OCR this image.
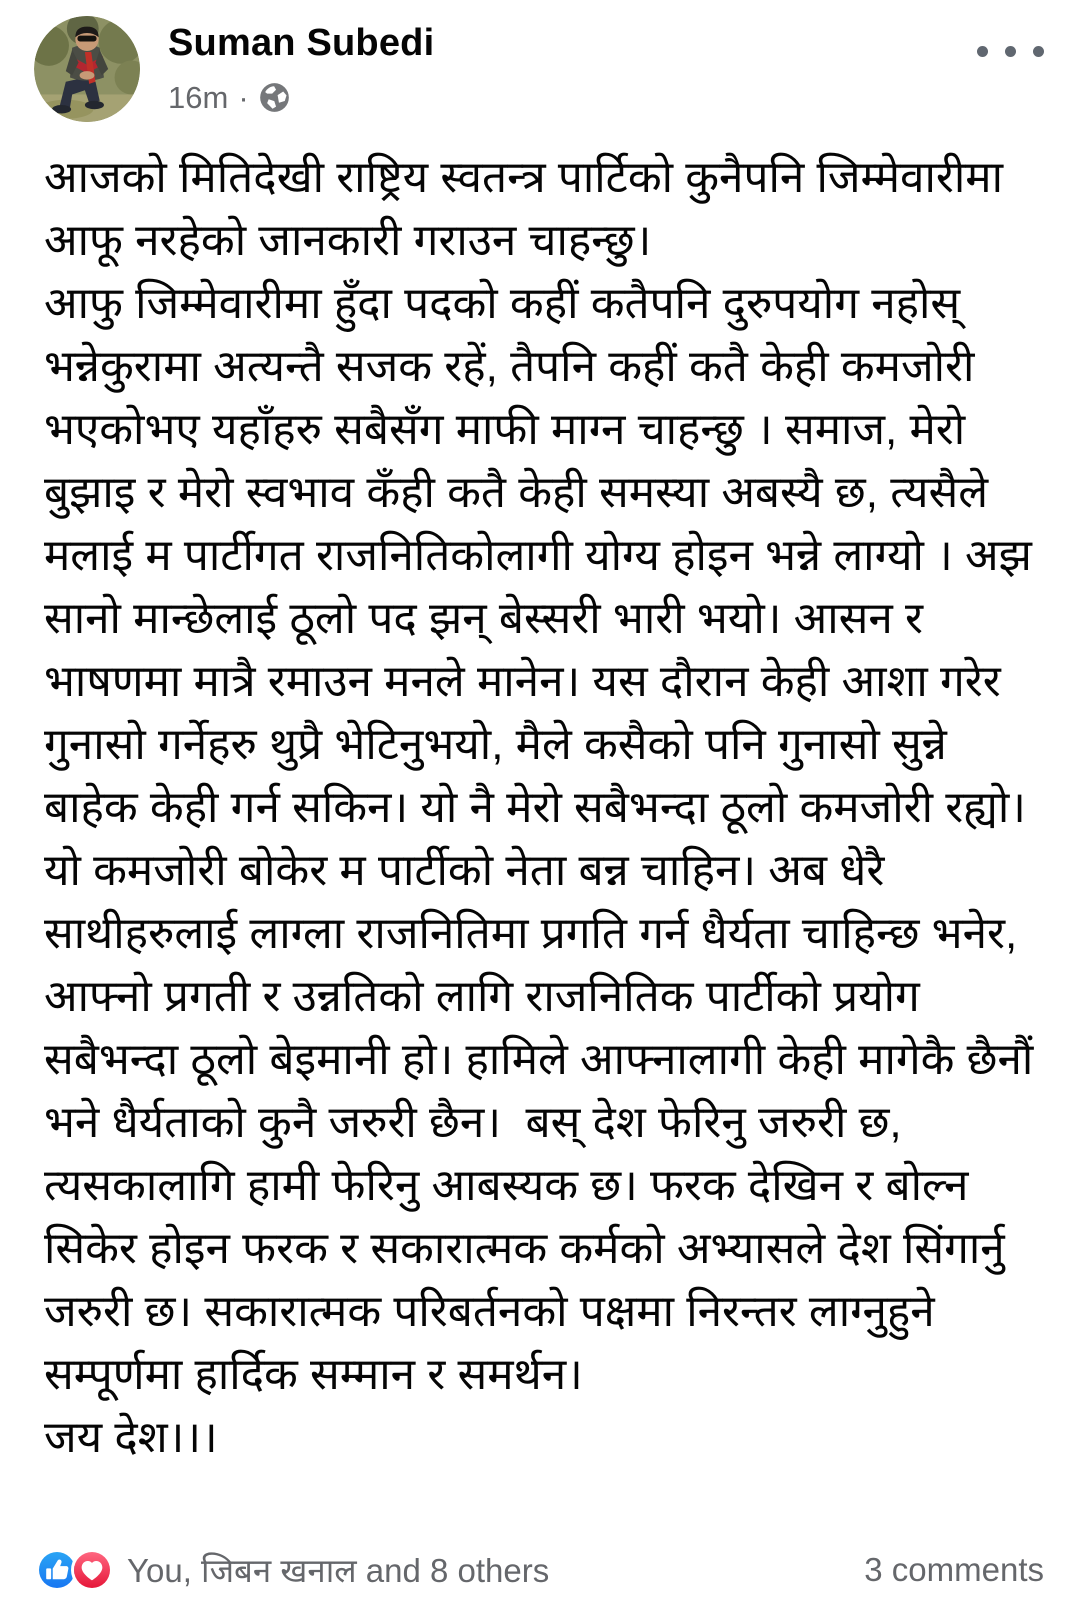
Suman Subedi
16m ·
आजको मितिदेखी राष्ट्रिय स्वतन्त्र पार्टिको कुनैपनि जिम्मेवारीमा
आफू नरहेको जानकारी गराउन चाहन्छु।
आफु जिम्मेवारीमा हुँदा पदको कहीं कतैपनि दुरुपयोग नहोस्
भन्नेकुरामा अत्यन्तै सजक रहें, तैपनि कहीं कतै केही कमजोरी
भएकोभए यहाँहरु सबैसँग माफी माग्न चाहन्छु । समाज, मेरो
बुझाइ र मेरो स्वभाव कँही कतै केही समस्या अबस्यै छ, त्यसैले
मलाई म पार्टीगत राजनितिकोलागी योग्य होइन भन्ने लाग्यो । अझ
सानो मान्छेलाई ठूलो पद झन् बेस्सरी भारी भयो। आसन र
भाषणमा मात्रै रमाउन मनले मानेन। यस दौरान केही आशा गरेर
गुनासो गर्नेहरु थुप्रै भेटिनुभयो, मैले कसैको पनि गुनासो सुन्ने
बाहेक केही गर्न सकिन। यो नै मेरो सबैभन्दा ठूलो कमजोरी रह्यो।
यो कमजोरी बोकेर म पार्टीको नेता बन्न चाहिन। अब धेरै
साथीहरुलाई लाग्ला राजनितिमा प्रगति गर्न धैर्यता चाहिन्छ भनेर,
आफ्नो प्रगती र उन्नतिको लागि राजनितिक पार्टीको प्रयोग
सबैभन्दा ठूलो बेइमानी हो। हामिले आफ्नालागी केही मागेकै छैनौं
भने धैर्यताको कुनै जरुरी छैन।  बस् देश फेरिनु जरुरी छ,
त्यसकालागि हामी फेरिनु आबस्यक छ। फरक देखिन र बोल्न
सिकेर होइन फरक र सकारात्मक कर्मको अभ्यासले देश सिंगार्नु
जरुरी छ। सकारात्मक परिबर्तनको पक्षमा निरन्तर लाग्नुहुने
सम्पूर्णमा हार्दिक सम्मान र समर्थन।
जय देश।।।
You, जिबन खनाल and 8 others	3 comments
